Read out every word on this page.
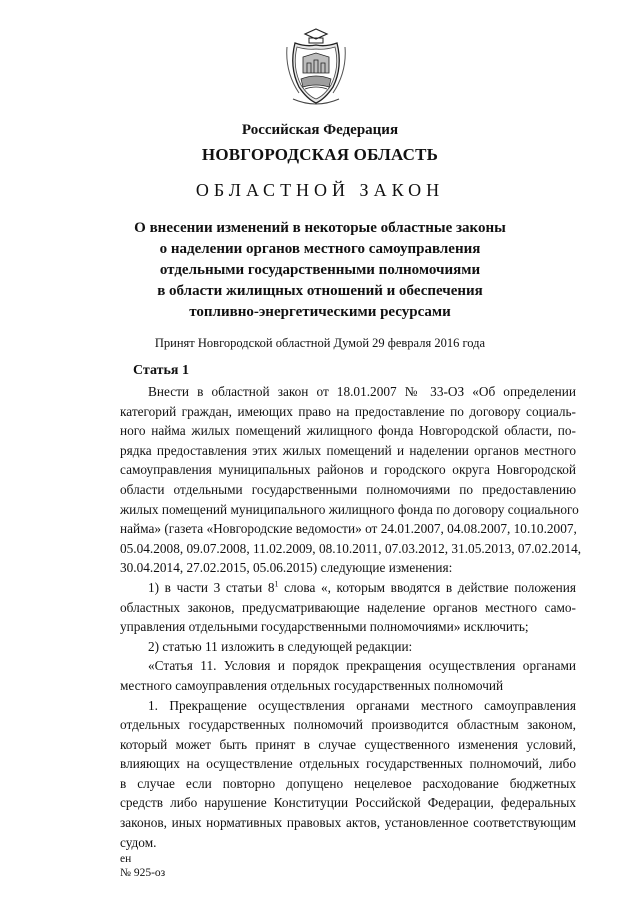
Российская Федерация
НОВГОРОДСКАЯ ОБЛАСТЬ
ОБЛАСТНОЙ ЗАКОН
О внесении изменений в некоторые областные законы
о наделении органов местного самоуправления
отдельными государственными полномочиями
в области жилищных отношений и обеспечения
топливно-энергетическими ресурсами
Принят Новгородской областной Думой 29 февраля 2016 года
Статья 1
Внести в областной закон от 18.01.2007 № 33-ОЗ «Об определении
категорий граждан, имеющих право на предоставление по договору социаль-
ного найма жилых помещений жилищного фонда Новгородской области, по-
рядка предоставления этих жилых помещений и наделении органов местного
самоуправления муниципальных районов и городского округа Новгородской
области отдельными государственными полномочиями по предоставлению
жилых помещений муниципального жилищного фонда по договору социального
найма» (газета «Новгородские ведомости» от 24.01.2007, 04.08.2007, 10.10.2007,
05.04.2008, 09.07.2008, 11.02.2009, 08.10.2011, 07.03.2012, 31.05.2013, 07.02.2014,
30.04.2014, 27.02.2015, 05.06.2015) следующие изменения:
1) в части 3 статьи $8^1$ слова «, которым вводятся в действие положения
областных законов, предусматривающие наделение органов местного само-
управления отдельными государственными полномочиями» исключить;
2) статью 11 изложить в следующей редакции:
«Статья 11. Условия и порядок прекращения осуществления органами
местного самоуправления отдельных государственных полномочий
1. Прекращение осуществления органами местного самоуправления
отдельных государственных полномочий производится областным законом,
который может быть принят в случае существенного изменения условий,
влияющих на осуществление отдельных государственных полномочий, либо
в случае если повторно допущено нецелевое расходование бюджетных
средств либо нарушение Конституции Российской Федерации, федеральных
законов, иных нормативных правовых актов, установленное соответствующим
судом.
ен
№ 925-оз
